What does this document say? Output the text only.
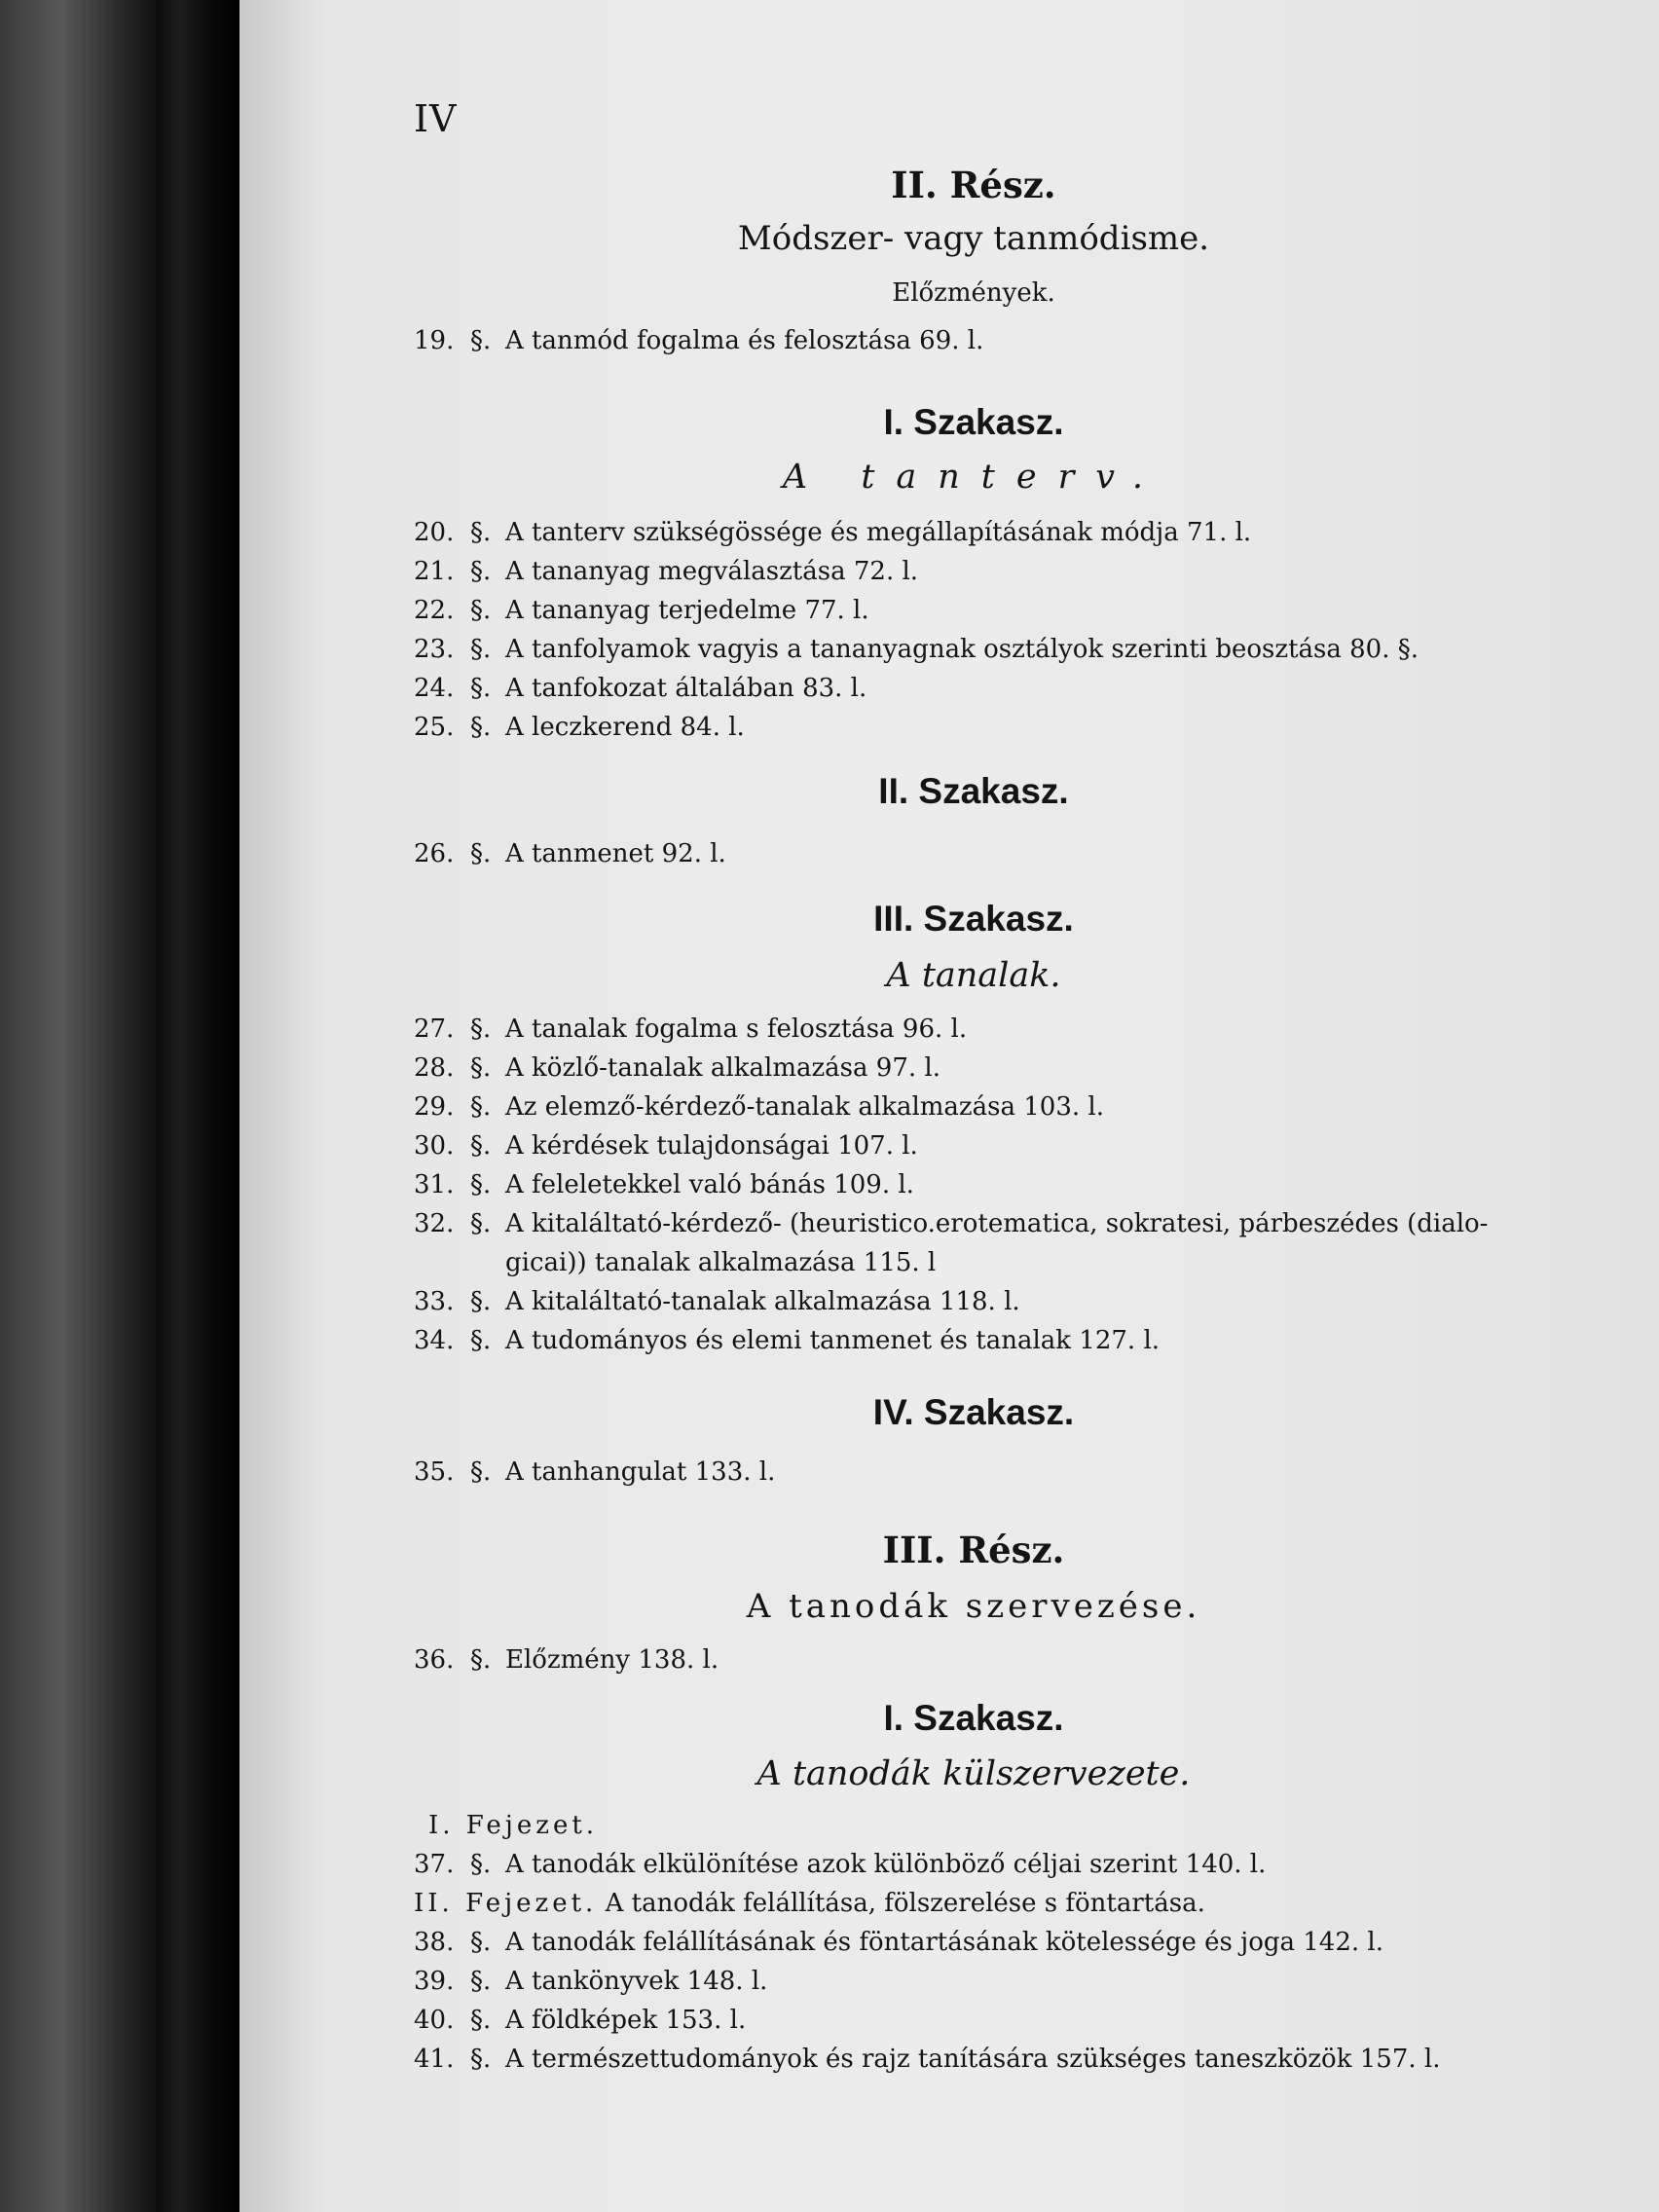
IV
II. Rész.
Módszer- vagy tanmódisme.
Előzmények.
19. §. A tanmód fogalma és felosztása 69. l.
I. Szakasz.
A tanterv.
20. §. A tanterv szükségössége és megállapításának módja 71. l.
21. §. A tananyag megválasztása 72. l.
22. §. A tananyag terjedelme 77. l.
23. §. A tanfolyamok vagyis a tananyagnak osztályok szerinti beosztása 80. §.
24. §. A tanfokozat általában 83. l.
25. §. A leczkerend 84. l.
II. Szakasz.
26. §. A tanmenet 92. l.
III. Szakasz.
A tanalak.
27. §. A tanalak fogalma s felosztása 96. l.
28. §. A közlő-tanalak alkalmazása 97. l.
29. §. Az elemző-kérdező-tanalak alkalmazása 103. l.
30. §. A kérdések tulajdonságai 107. l.
31. §. A feleletekkel való bánás 109. l.
32. §. A kitaláltató-kérdező- (heuristico.erotematica, sokratesi, párbeszédes (dialo-
gicai)) tanalak alkalmazása 115. l
33. §. A kitaláltató-tanalak alkalmazása 118. l.
34. §. A tudományos és elemi tanmenet és tanalak 127. l.
IV. Szakasz.
35. §. A tanhangulat 133. l.
III. Rész.
A tanodák szervezése.
36. §. Előzmény 138. l.
I. Szakasz.
A tanodák külszervezete.
I. Fejezet.
37. §. A tanodák elkülönítése azok különböző céljai szerint 140. l.
II. Fejezet. A tanodák felállítása, fölszerelése s föntartása.
38. §. A tanodák felállításának és föntartásának kötelessége és joga 142. l.
39. §. A tankönyvek 148. l.
40. §. A földképek 153. l.
41. §. A természettudományok és rajz tanítására szükséges taneszközök 157. l.
